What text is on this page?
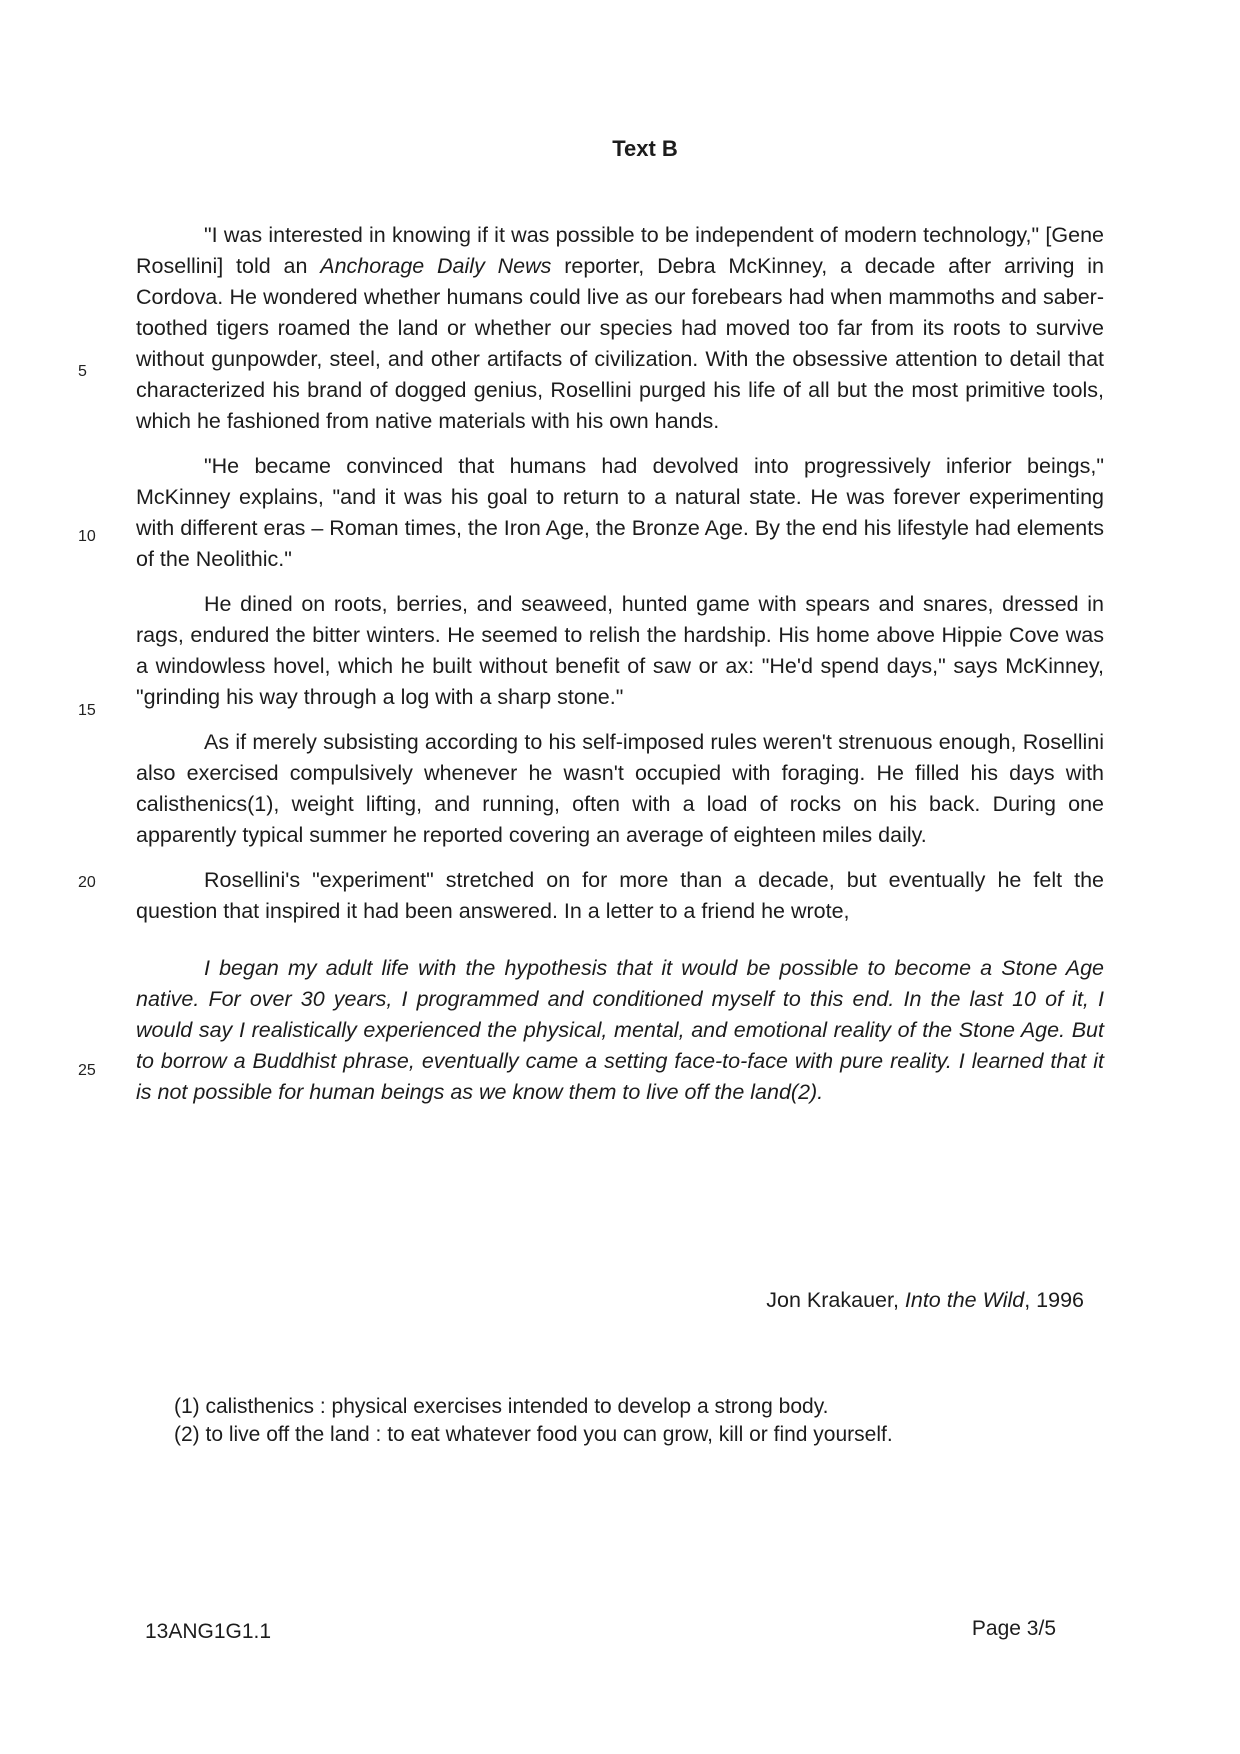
Text B

"I was interested in knowing if it was possible to be independent of modern technology," [Gene Rosellini] told an Anchorage Daily News reporter, Debra McKinney, a decade after arriving in Cordova. He wondered whether humans could live as our forebears had when mammoths and saber-toothed tigers roamed the land or whether our species had moved too far from its roots to survive without gunpowder, steel, and other artifacts of civilization. With the obsessive attention to detail that characterized his brand of dogged genius, Rosellini purged his life of all but the most primitive tools, which he fashioned from native materials with his own hands.

"He became convinced that humans had devolved into progressively inferior beings," McKinney explains, "and it was his goal to return to a natural state. He was forever experimenting with different eras – Roman times, the Iron Age, the Bronze Age. By the end his lifestyle had elements of the Neolithic."

He dined on roots, berries, and seaweed, hunted game with spears and snares, dressed in rags, endured the bitter winters. He seemed to relish the hardship. His home above Hippie Cove was a windowless hovel, which he built without benefit of saw or ax: "He'd spend days," says McKinney, "grinding his way through a log with a sharp stone."

As if merely subsisting according to his self-imposed rules weren't strenuous enough, Rosellini also exercised compulsively whenever he wasn't occupied with foraging. He filled his days with calisthenics(1), weight lifting, and running, often with a load of rocks on his back. During one apparently typical summer he reported covering an average of eighteen miles daily.

Rosellini's "experiment" stretched on for more than a decade, but eventually he felt the question that inspired it had been answered. In a letter to a friend he wrote,

I began my adult life with the hypothesis that it would be possible to become a Stone Age native. For over 30 years, I programmed and conditioned myself to this end. In the last 10 of it, I would say I realistically experienced the physical, mental, and emotional reality of the Stone Age. But to borrow a Buddhist phrase, eventually came a setting face-to-face with pure reality. I learned that it is not possible for human beings as we know them to live off the land(2).

5
10
15
20
25
Jon Krakauer, Into the Wild, 1996
(1) calisthenics : physical exercises intended to develop a strong body.
(2) to live off the land : to eat whatever food you can grow, kill or find yourself.
13ANG1G1.1	Page 3/5
